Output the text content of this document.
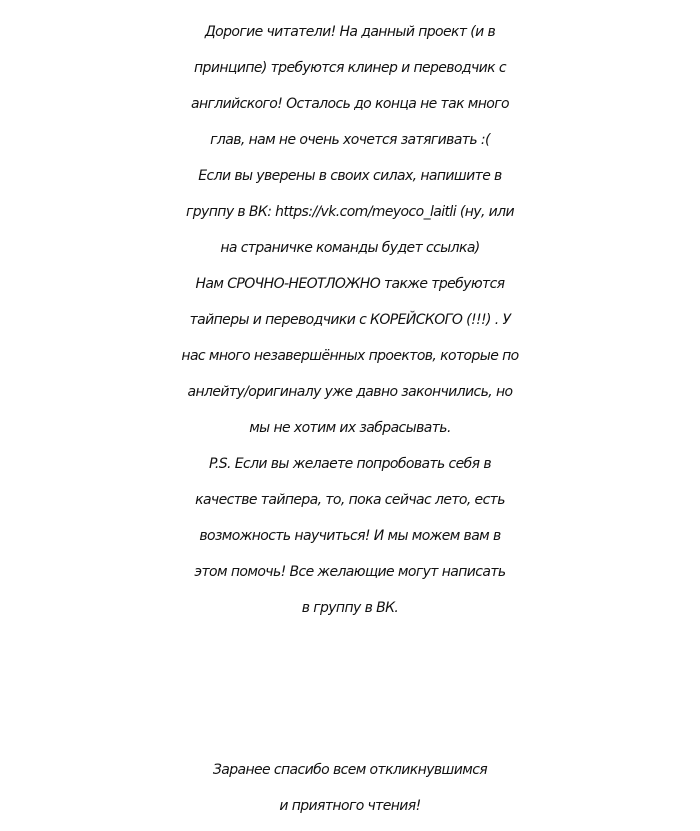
Дорогие читатели! На данный проект (и в
принципе) требуются клинер и переводчик с
английского! Осталось до конца не так много
глав, нам не очень хочется затягивать :(
Если вы уверены в своих силах, напишите в
группу в ВК: https://vk.com/meyoco_laitli (ну, или
на страничке команды будет ссылка)
Нам СРОЧНО-НЕОТЛОЖНО также требуются
тайперы и переводчики с КОРЕЙСКОГО (!!!) . У
нас много незавершённых проектов, которые по
анлейту/оригиналу уже давно закончились, но
мы не хотим их забрасывать.
P.S. Если вы желаете попробовать себя в
качестве тайпера, то, пока сейчас лето, есть
возможность научиться! И мы можем вам в
этом помочь! Все желающие могут написать
в группу в ВК.
Заранее спасибо всем откликнувшимся
и приятного чтения!
